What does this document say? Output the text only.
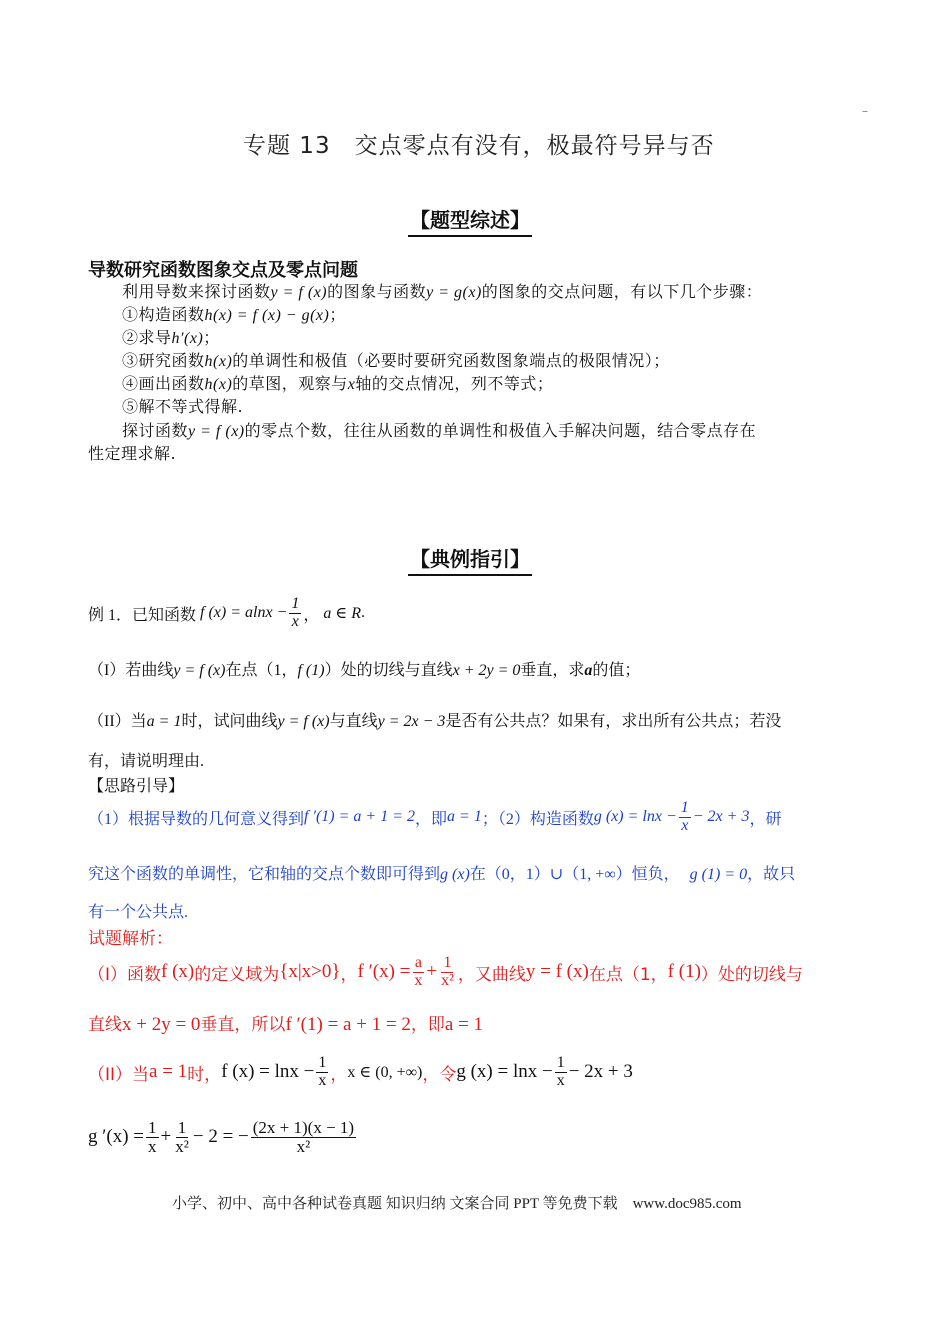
专题 13　交点零点有没有，极最符号异与否
–
【题型综述】
导数研究函数图象交点及零点问题
利用导数来探讨函数y = f (x)的图象与函数y = g(x)的图象的交点问题，有以下几个步骤：
①构造函数h(x) = f (x) − g(x)；
②求导h′(x)；
③研究函数h(x)的单调性和极值（必要时要研究函数图象端点的极限情况）；
④画出函数h(x)的草图，观察与x轴的交点情况，列不等式；
⑤解不等式得解.
探讨函数y = f (x)的零点个数，往往从函数的单调性和极值入手解决问题，结合零点存在
性定理求解.
【典例指引】
例 1．已知函数 f $(x) = alnx - \frac{1}{x}$ ， a ∈ R .
（I）若曲线y = f (x)在点（1，f (1)）处的切线与直线x + 2y = 0垂直，求a的值；
（II）当a = 1时，试问曲线y = f (x)与直线y = 2x − 3是否有公共点？如果有，求出所有公共点；若没
有，请说明理由.
【思路引导】
（1）根据导数的几何意义得到 f ′(1) = a + 1 = 2 ，即 a = 1 ；（2）构造函数 g $(x) = \ln x - \frac{1}{x} - 2x + 3$ ，研
究这个函数的单调性，它和轴的交点个数即可得到g (x)在（0，1）∪（1, +∞）恒负， g (1) = 0，故只
有一个公共点.
试题解析：
（I）函数 f (x) 的定义域为 {x|x>0} ， f $'(x) = \frac{a}{x} + \frac{1}{\text{x²}}$ ，又曲线 y = f (x) 在点（1， f (1) ）处的切线与
直线x + 2y = 0垂直，所以f ′(1) = a + 1 = 2，即a = 1
（II）当 a = 1 时， f $(x) = \ln x - \frac{1}{x}$ ， x ∈ (0, +∞) ，令 g $(x) = \ln x - \frac{1}{x} - 2x + 3$
g $'(x) = \frac{1}{x} + \frac{1}{\text{x²}} - 2$ = − $\frac{(2x + 1)(x - 1)}{\text{x²}}$
小学、初中、高中各种试卷真题 知识归纳 文案合同 PPT 等免费下载　www.doc985.com
